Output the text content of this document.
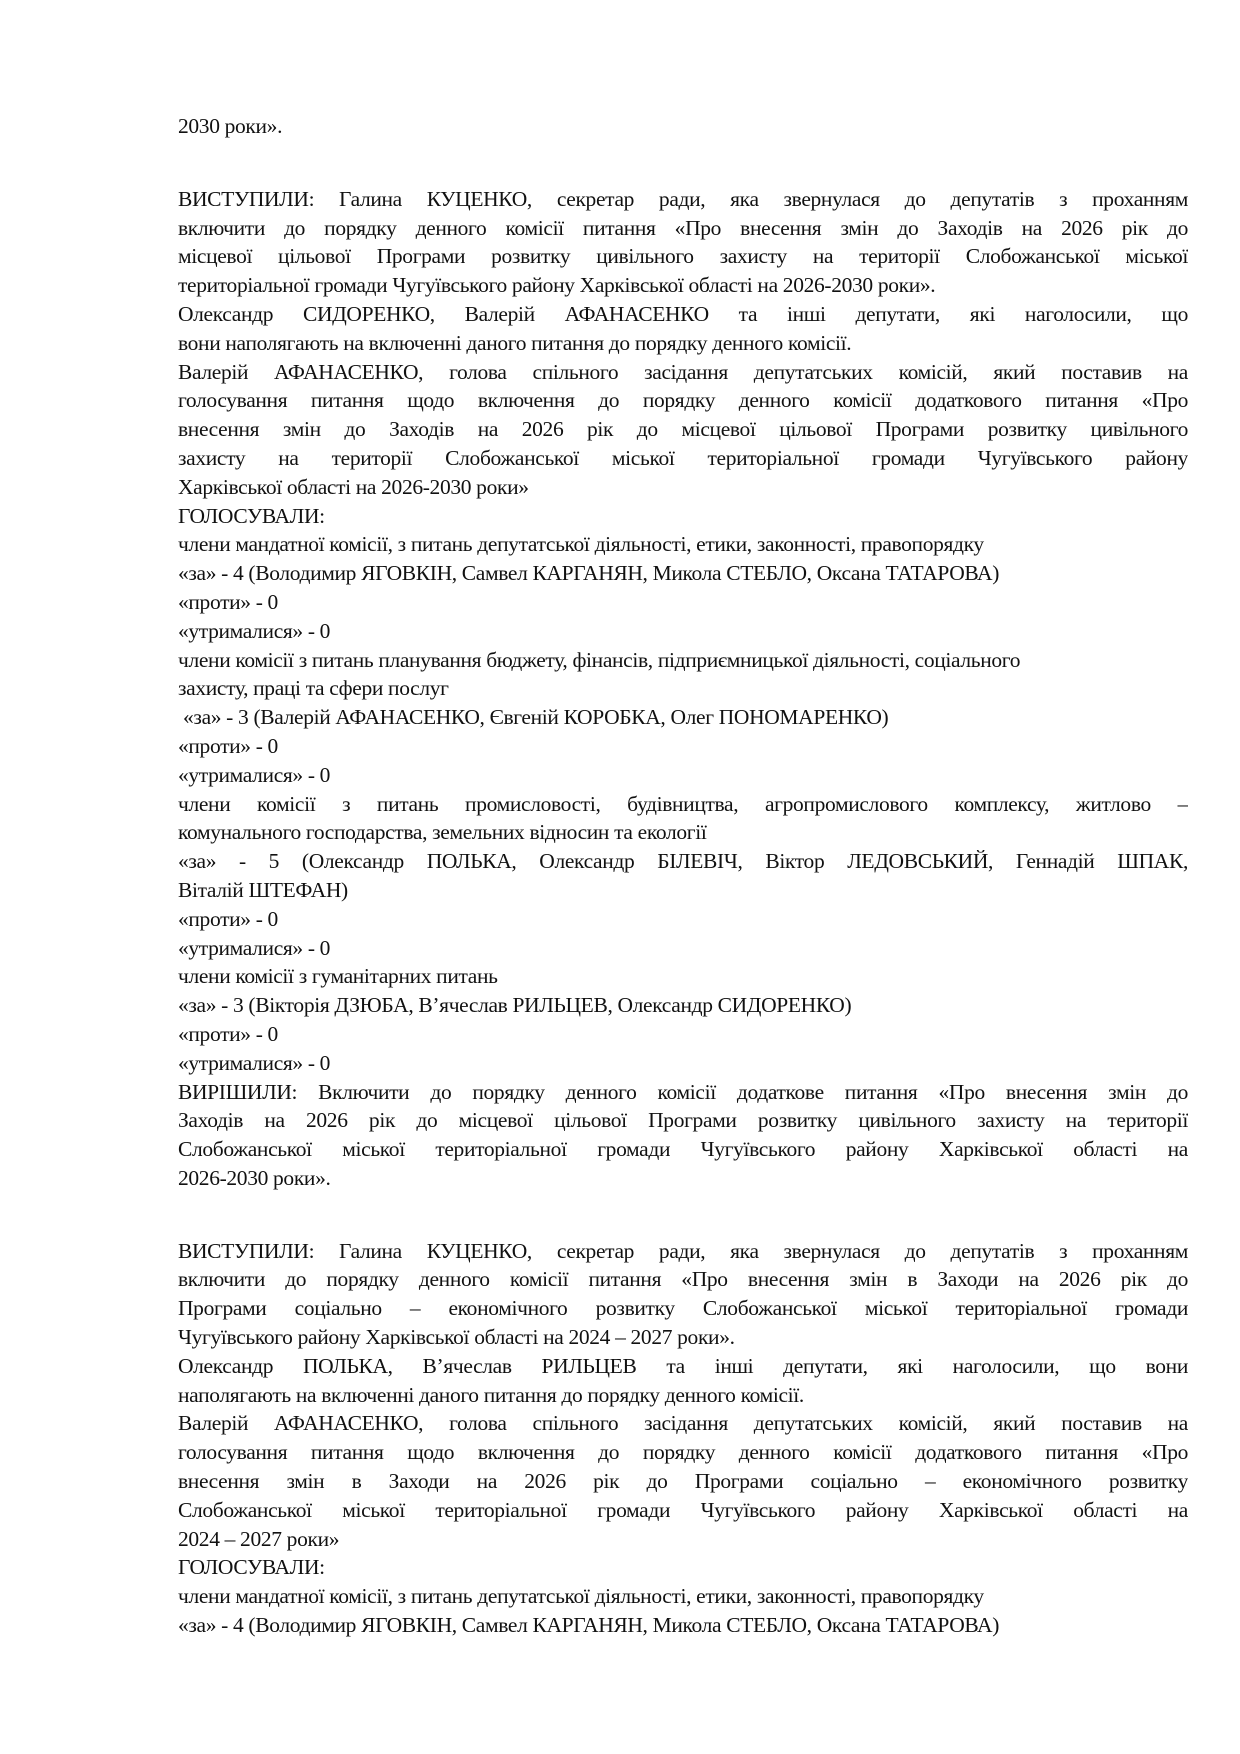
2030 роки».
ВИСТУПИЛИ: Галина КУЦЕНКО, секретар ради, яка звернулася до депутатів з проханням
включити до порядку денного комісії питання «Про внесення змін до Заходів на 2026 рік до
місцевої цільової Програми розвитку цивільного захисту на території Слобожанської міської
територіальної громади Чугуївського району Харківської області на 2026-2030 роки».
Олександр СИДОРЕНКО, Валерій АФАНАСЕНКО та інші депутати, які наголосили, що
вони наполягають на включенні даного питання до порядку денного комісії.
Валерій АФАНАСЕНКО, голова спільного засідання депутатських комісій, який поставив на
голосування питання щодо включення до порядку денного комісії додаткового питання «Про
внесення змін до Заходів на 2026 рік до місцевої цільової Програми розвитку цивільного
захисту на території Слобожанської міської територіальної громади Чугуївського району
Харківської області на 2026-2030 роки»
ГОЛОСУВАЛИ:
члени мандатної комісії, з питань депутатської діяльності, етики, законності, правопорядку
«за» - 4 (Володимир ЯГОВКІН, Самвел КАРГАНЯН, Микола СТЕБЛО, Оксана ТАТАРОВА)
«проти» - 0
«утрималися» - 0
члени комісії з питань планування бюджету, фінансів, підприємницької діяльності, соціального
захисту, праці та сфери послуг
«за» - 3 (Валерій АФАНАСЕНКО, Євгеній КОРОБКА, Олег ПОНОМАРЕНКО)
«проти» - 0
«утрималися» - 0
члени комісії з питань промисловості, будівництва, агропромислового комплексу, житлово –
комунального господарства, земельних відносин та екології
«за» - 5 (Олександр ПОЛЬКА, Олександр БІЛЕВІЧ, Віктор ЛЕДОВСЬКИЙ, Геннадій ШПАК,
Віталій ШТЕФАН)
«проти» - 0
«утрималися» - 0
члени комісії з гуманітарних питань
«за» - 3 (Вікторія ДЗЮБА, В’ячеслав РИЛЬЦЕВ, Олександр СИДОРЕНКО)
«проти» - 0
«утрималися» - 0
ВИРІШИЛИ: Включити до порядку денного комісії додаткове питання «Про внесення змін до
Заходів на 2026 рік до місцевої цільової Програми розвитку цивільного захисту на території
Слобожанської міської територіальної громади Чугуївського району Харківської області на
2026-2030 роки».
ВИСТУПИЛИ: Галина КУЦЕНКО, секретар ради, яка звернулася до депутатів з проханням
включити до порядку денного комісії питання «Про внесення змін в Заходи на 2026 рік до
Програми соціально – економічного розвитку Слобожанської міської територіальної громади
Чугуївського району Харківської області на 2024 – 2027 роки».
Олександр ПОЛЬКА, В’ячеслав РИЛЬЦЕВ та інші депутати, які наголосили, що вони
наполягають на включенні даного питання до порядку денного комісії.
Валерій АФАНАСЕНКО, голова спільного засідання депутатських комісій, який поставив на
голосування питання щодо включення до порядку денного комісії додаткового питання «Про
внесення змін в Заходи на 2026 рік до Програми соціально – економічного розвитку
Слобожанської міської територіальної громади Чугуївського району Харківської області на
2024 – 2027 роки»
ГОЛОСУВАЛИ:
члени мандатної комісії, з питань депутатської діяльності, етики, законності, правопорядку
«за» - 4 (Володимир ЯГОВКІН, Самвел КАРГАНЯН, Микола СТЕБЛО, Оксана ТАТАРОВА)
